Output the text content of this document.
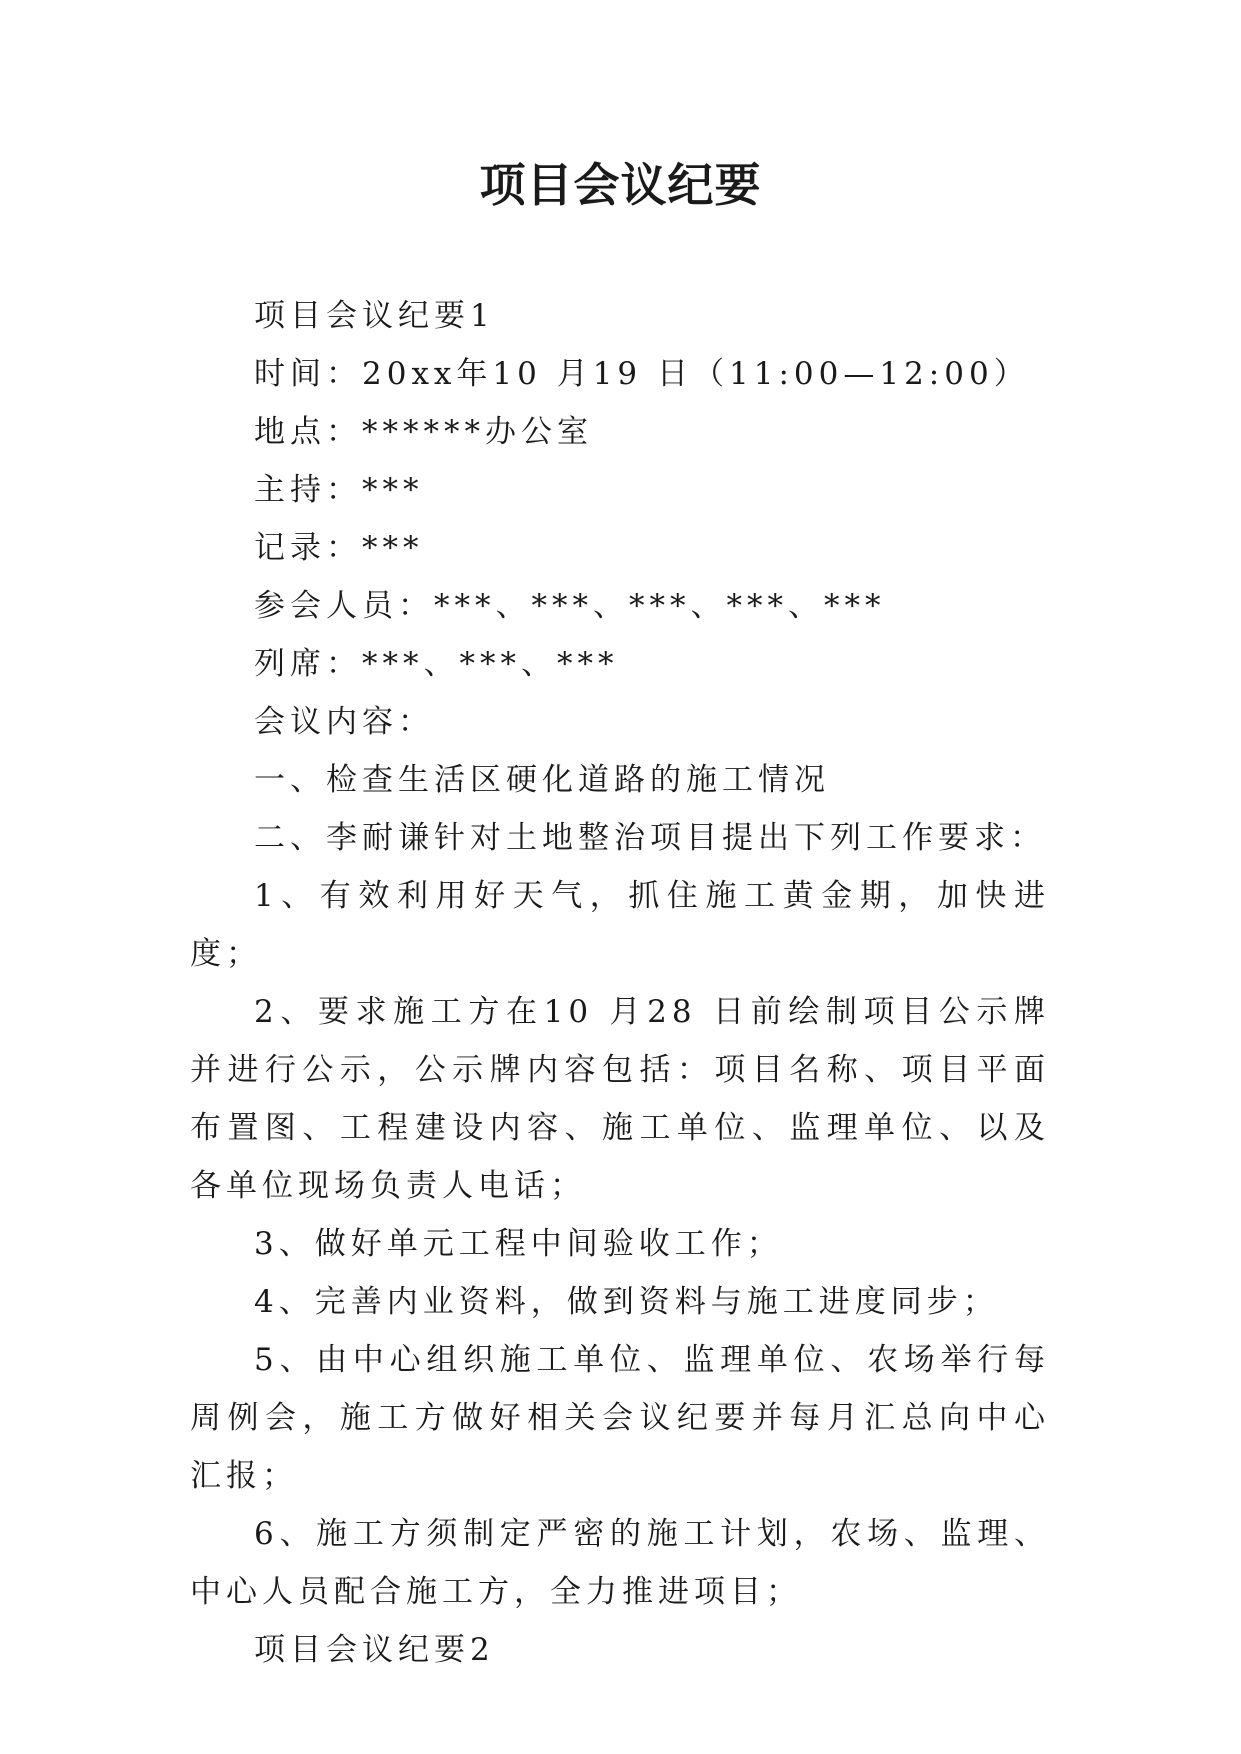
项目会议纪要

项目会议纪要1

时间：20xx年10 月19 日（11:00—12:00）

地点：******办公室

主持：***

记录：***

参会人员：***、***、***、***、***

列席：***、***、***

会议内容：

一、检查生活区硬化道路的施工情况

二、李耐谦针对土地整治项目提出下列工作要求：

1、有效利用好天气，抓住施工黄金期，加快进度；

2、要求施工方在10 月28 日前绘制项目公示牌并进行公示，公示牌内容包括：项目名称、项目平面布置图、工程建设内容、施工单位、监理单位、以及各单位现场负责人电话；

3、做好单元工程中间验收工作；

4、完善内业资料，做到资料与施工进度同步；

5、由中心组织施工单位、监理单位、农场举行每周例会，施工方做好相关会议纪要并每月汇总向中心汇报；

6、施工方须制定严密的施工计划，农场、监理、中心人员配合施工方，全力推进项目；

项目会议纪要2
